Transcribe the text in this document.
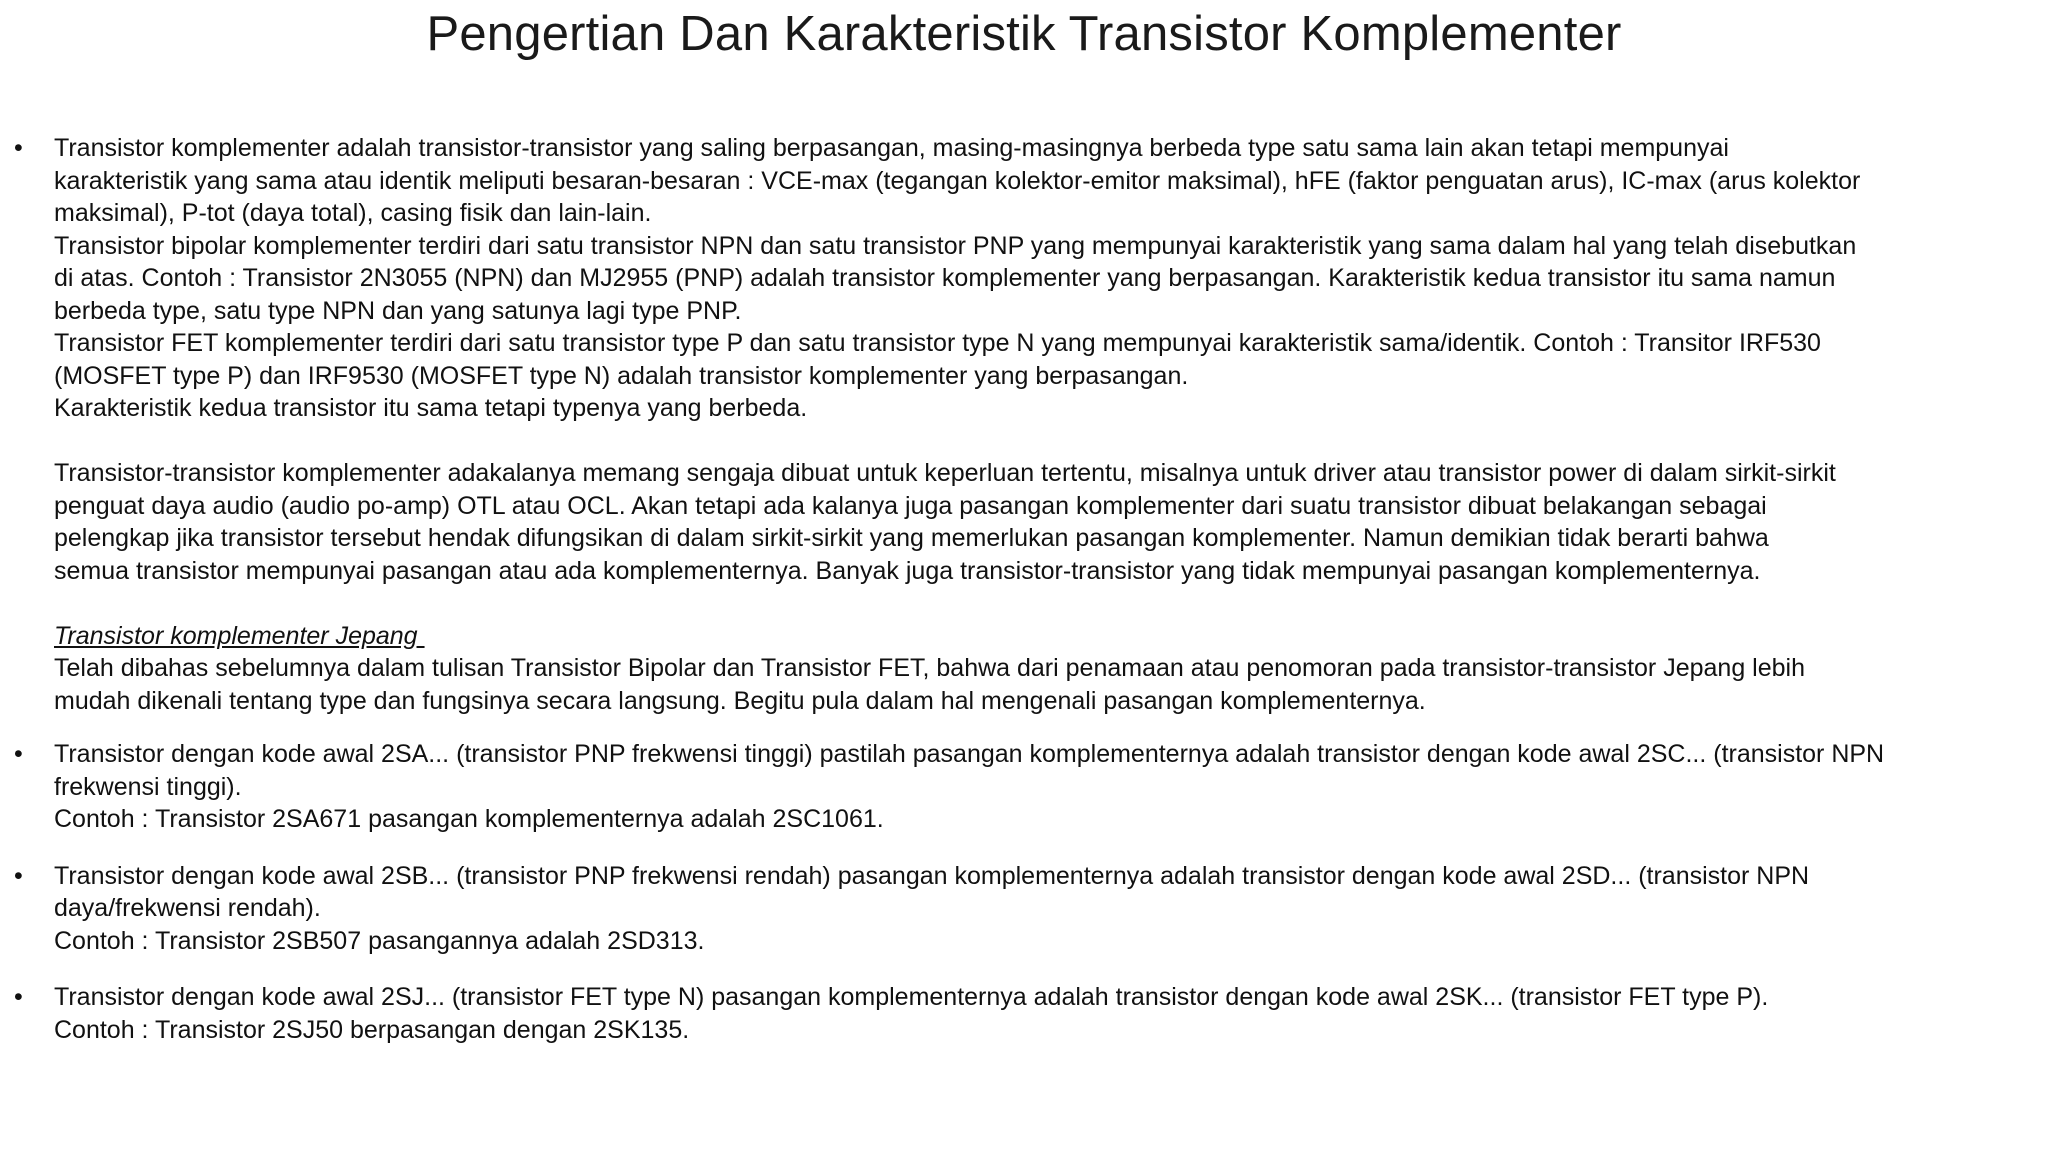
Pengertian Dan Karakteristik Transistor Komplementer
•	Transistor komplementer adalah transistor-transistor yang saling berpasangan, masing-masingnya berbeda type satu sama lain akan tetapi mempunyai
karakteristik yang sama atau identik meliputi besaran-besaran : VCE-max (tegangan kolektor-emitor maksimal), hFE (faktor penguatan arus), IC-max (arus kolektor
maksimal), P-tot (daya total), casing fisik dan lain-lain.
Transistor bipolar komplementer terdiri dari satu transistor NPN dan satu transistor PNP yang mempunyai karakteristik yang sama dalam hal yang telah disebutkan
di atas. Contoh : Transistor 2N3055 (NPN) dan MJ2955 (PNP) adalah transistor komplementer yang berpasangan. Karakteristik kedua transistor itu sama namun
berbeda type, satu type NPN dan yang satunya lagi type PNP.
Transistor FET komplementer terdiri dari satu transistor type P dan satu transistor type N yang mempunyai karakteristik sama/identik. Contoh : Transitor IRF530
(MOSFET type P) dan IRF9530 (MOSFET type N) adalah transistor komplementer yang berpasangan.
Karakteristik kedua transistor itu sama tetapi typenya yang berbeda.
Transistor-transistor komplementer adakalanya memang sengaja dibuat untuk keperluan tertentu, misalnya untuk driver atau transistor power di dalam sirkit-sirkit
penguat daya audio (audio po-amp) OTL atau OCL. Akan tetapi ada kalanya juga pasangan komplementer dari suatu transistor dibuat belakangan sebagai
pelengkap jika transistor tersebut hendak difungsikan di dalam sirkit-sirkit yang memerlukan pasangan komplementer. Namun demikian tidak berarti bahwa
semua transistor mempunyai pasangan atau ada komplementernya. Banyak juga transistor-transistor yang tidak mempunyai pasangan komplementernya.
Transistor komplementer Jepang
Telah dibahas sebelumnya dalam tulisan Transistor Bipolar dan Transistor FET, bahwa dari penamaan atau penomoran pada transistor-transistor Jepang lebih
mudah dikenali tentang type dan fungsinya secara langsung. Begitu pula dalam hal mengenali pasangan komplementernya.
•	Transistor dengan kode awal 2SA... (transistor PNP frekwensi tinggi) pastilah pasangan komplementernya adalah transistor dengan kode awal 2SC... (transistor NPN
frekwensi tinggi).
Contoh : Transistor 2SA671 pasangan komplementernya adalah 2SC1061.
•	Transistor dengan kode awal 2SB... (transistor PNP frekwensi rendah) pasangan komplementernya adalah transistor dengan kode awal 2SD... (transistor NPN
daya/frekwensi rendah).
Contoh : Transistor 2SB507 pasangannya adalah 2SD313.
•	Transistor dengan kode awal 2SJ... (transistor FET type N) pasangan komplementernya adalah transistor dengan kode awal 2SK... (transistor FET type P).
Contoh : Transistor 2SJ50 berpasangan dengan 2SK135.
